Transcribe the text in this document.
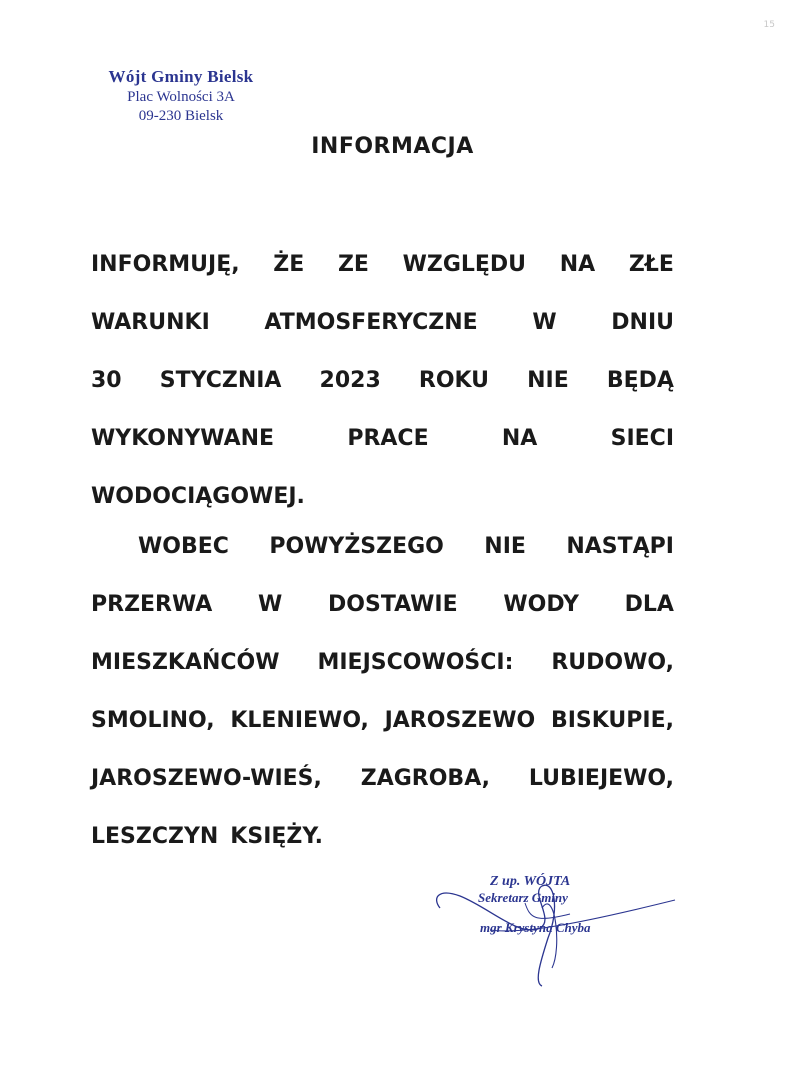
15
Wójt Gminy Bielsk
Plac Wolności 3A
09-230 Bielsk
INFORMACJA
INFORMUJĘ, ŻE ZE WZGLĘDU NA ZŁE
WARUNKI ATMOSFERYCZNE W DNIU
30 STYCZNIA 2023 ROKU NIE BĘDĄ
WYKONYWANE	PRACE	NA	SIECI
WODOCIĄGOWEJ.
WOBEC POWYŻSZEGO NIE NASTĄPI
PRZERWA W DOSTAWIE WODY DLA
MIESZKAŃCÓW MIEJSCOWOŚCI: RUDOWO,
SMOLINO, KLENIEWO, JAROSZEWO BISKUPIE,
JAROSZEWO-WIEŚ, ZAGROBA, LUBIEJEWO,
LESZCZYN KSIĘŻY.
Z up. WÓJTA
Sekretarz Gminy
mgr Krystyna Chyba
